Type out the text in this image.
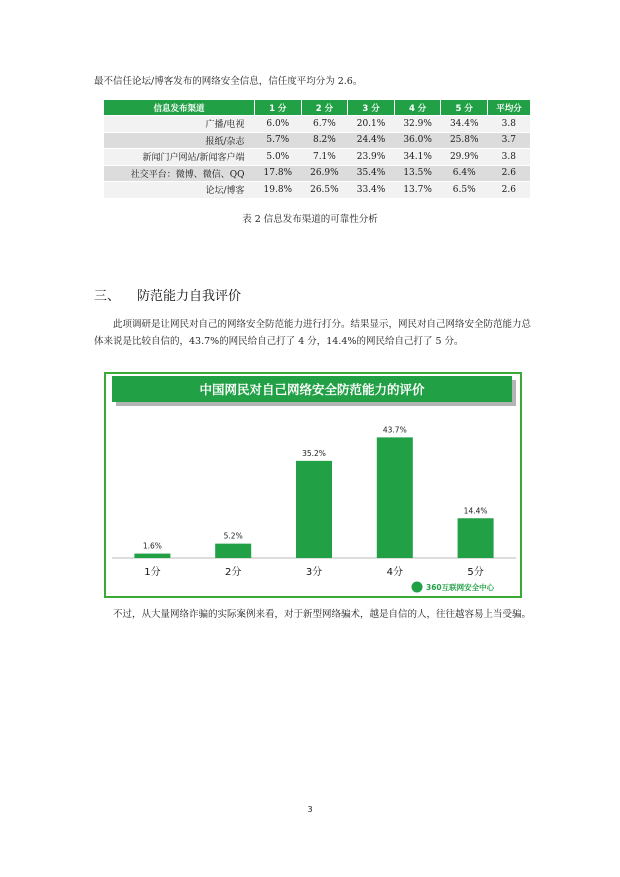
最不信任论坛/博客发布的网络安全信息，信任度平均分为 2.6。
信息发布渠道	1 分	2 分	3 分	4 分	5 分	平均分
广播/电视	6.0%	6.7%	20.1%	32.9%	34.4%	3.8
报纸/杂志	5.7%	8.2%	24.4%	36.0%	25.8%	3.7
新闻门户网站/新闻客户端	5.0%	7.1%	23.9%	34.1%	29.9%	3.8
社交平台：微博、微信、QQ	17.8%	26.9%	35.4%	13.5%	6.4%	2.6
论坛/博客	19.8%	26.5%	33.4%	13.7%	6.5%	2.6
表 2 信息发布渠道的可靠性分析
三、 防范能力自我评价
此项调研是让网民对自己的网络安全防范能力进行打分。结果显示，网民对自己网络安全防范能力总体来说是比较自信的，43.7%的网民给自己打了 4 分，14.4%的网民给自己打了 5 分。
中国网民对自己网络安全防范能力的评价
1.6%
1分
5.2%
2分
35.2%
3分
43.7%
4分
14.4%
5分
360互联网安全中心
不过，从大量网络诈骗的实际案例来看，对于新型网络骗术，越是自信的人，往往越容易上当受骗。
3
